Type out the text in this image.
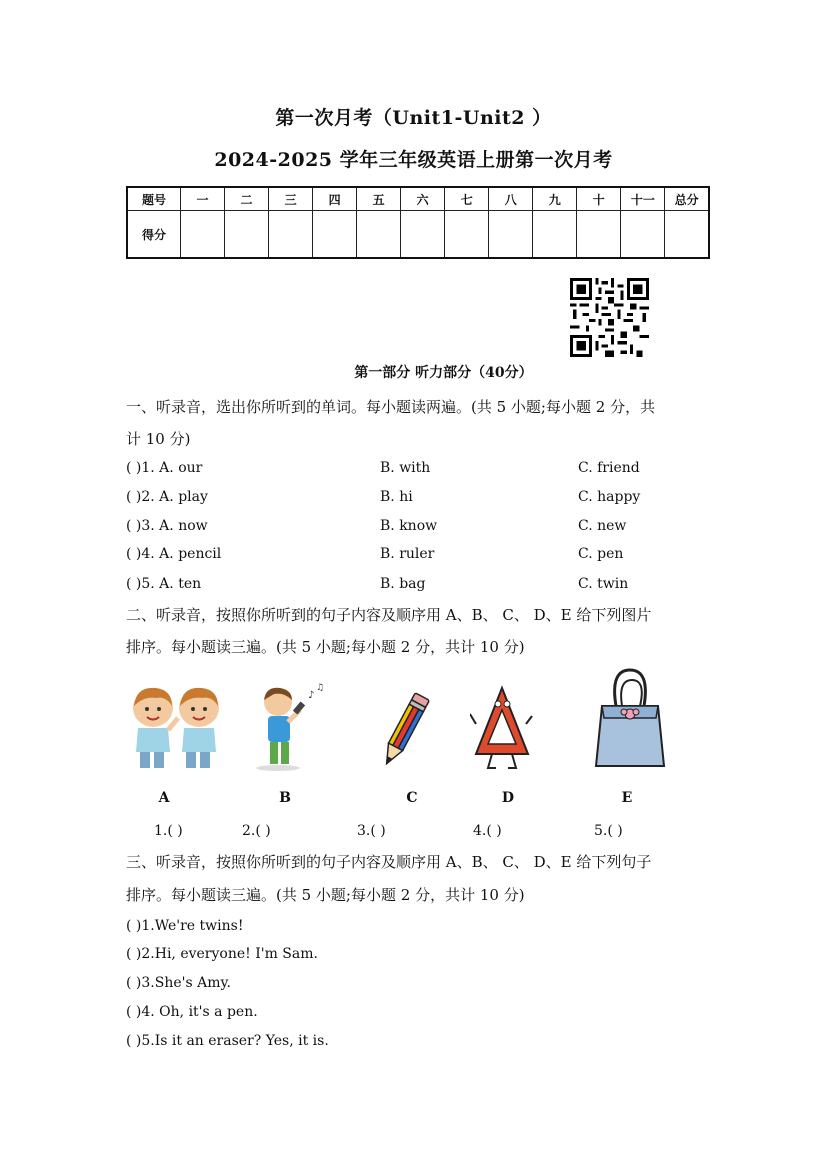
第一次月考（Unit1-Unit2 ）
2024-2025 学年三年级英语上册第一次月考
题号	一	二	三	四	五	六	七	八	九	十	十一	总分
得分												
第一部分 听力部分（40分）
一、听录音，选出你所听到的单词。每小题读两遍。(共 5 小题;每小题 2 分，共
计 10 分)
( )1. A. our	B. with	C. friend
( )2. A. play	B. hi	C. happy
( )3. A. now	B. know	C. new
( )4. A. pencil	B. ruler	C. pen
( )5. A. ten	B. bag	C. twin
二、听录音，按照你所听到的句子内容及顺序用 A、B、 C、 D、E 给下列图片
排序。每小题读三遍。(共 5 小题;每小题 2 分，共计 10 分)
♪
♫
A	B	C	D	E
1.( )	2.( )	3.( )	4.( )	5.( )
三、听录音，按照你所听到的句子内容及顺序用 A、B、 C、 D、E 给下列句子
排序。每小题读三遍。(共 5 小题;每小题 2 分，共计 10 分)
( )1.We're twins!
( )2.Hi, everyone! I'm Sam.
( )3.She's Amy.
( )4. Oh, it's a pen.
( )5.Is it an eraser? Yes, it is.
